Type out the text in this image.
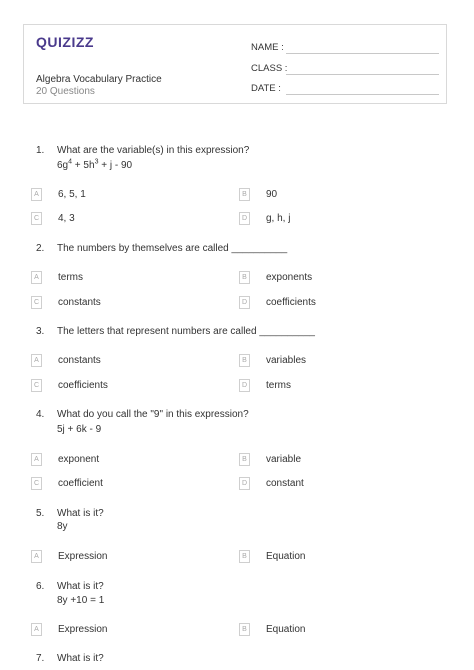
QUIZIZZ
Algebra Vocabulary Practice
20 Questions
NAME :
CLASS :
DATE :
1. What are the variable(s) in this expression?
$6g^4 + 5h^3 + j - 90$
A	6, 5, 1	B	90
C 4, 3	D g, h, j
2. The numbers by themselves are called __________
A	terms	B	exponents
C constants	D coefficients
3. The letters that represent numbers are called __________
A	constants	B	variables
C coefficients	D terms
4. What do you call the "9" in this expression?
5j + 6k - 9
A	exponent	B	variable
C coefficient	D constant
5. What is it?
8y
A	Expression	B	Equation
6. What is it?
8y +10 = 1
A	Expression	B	Equation
7. What is it?
